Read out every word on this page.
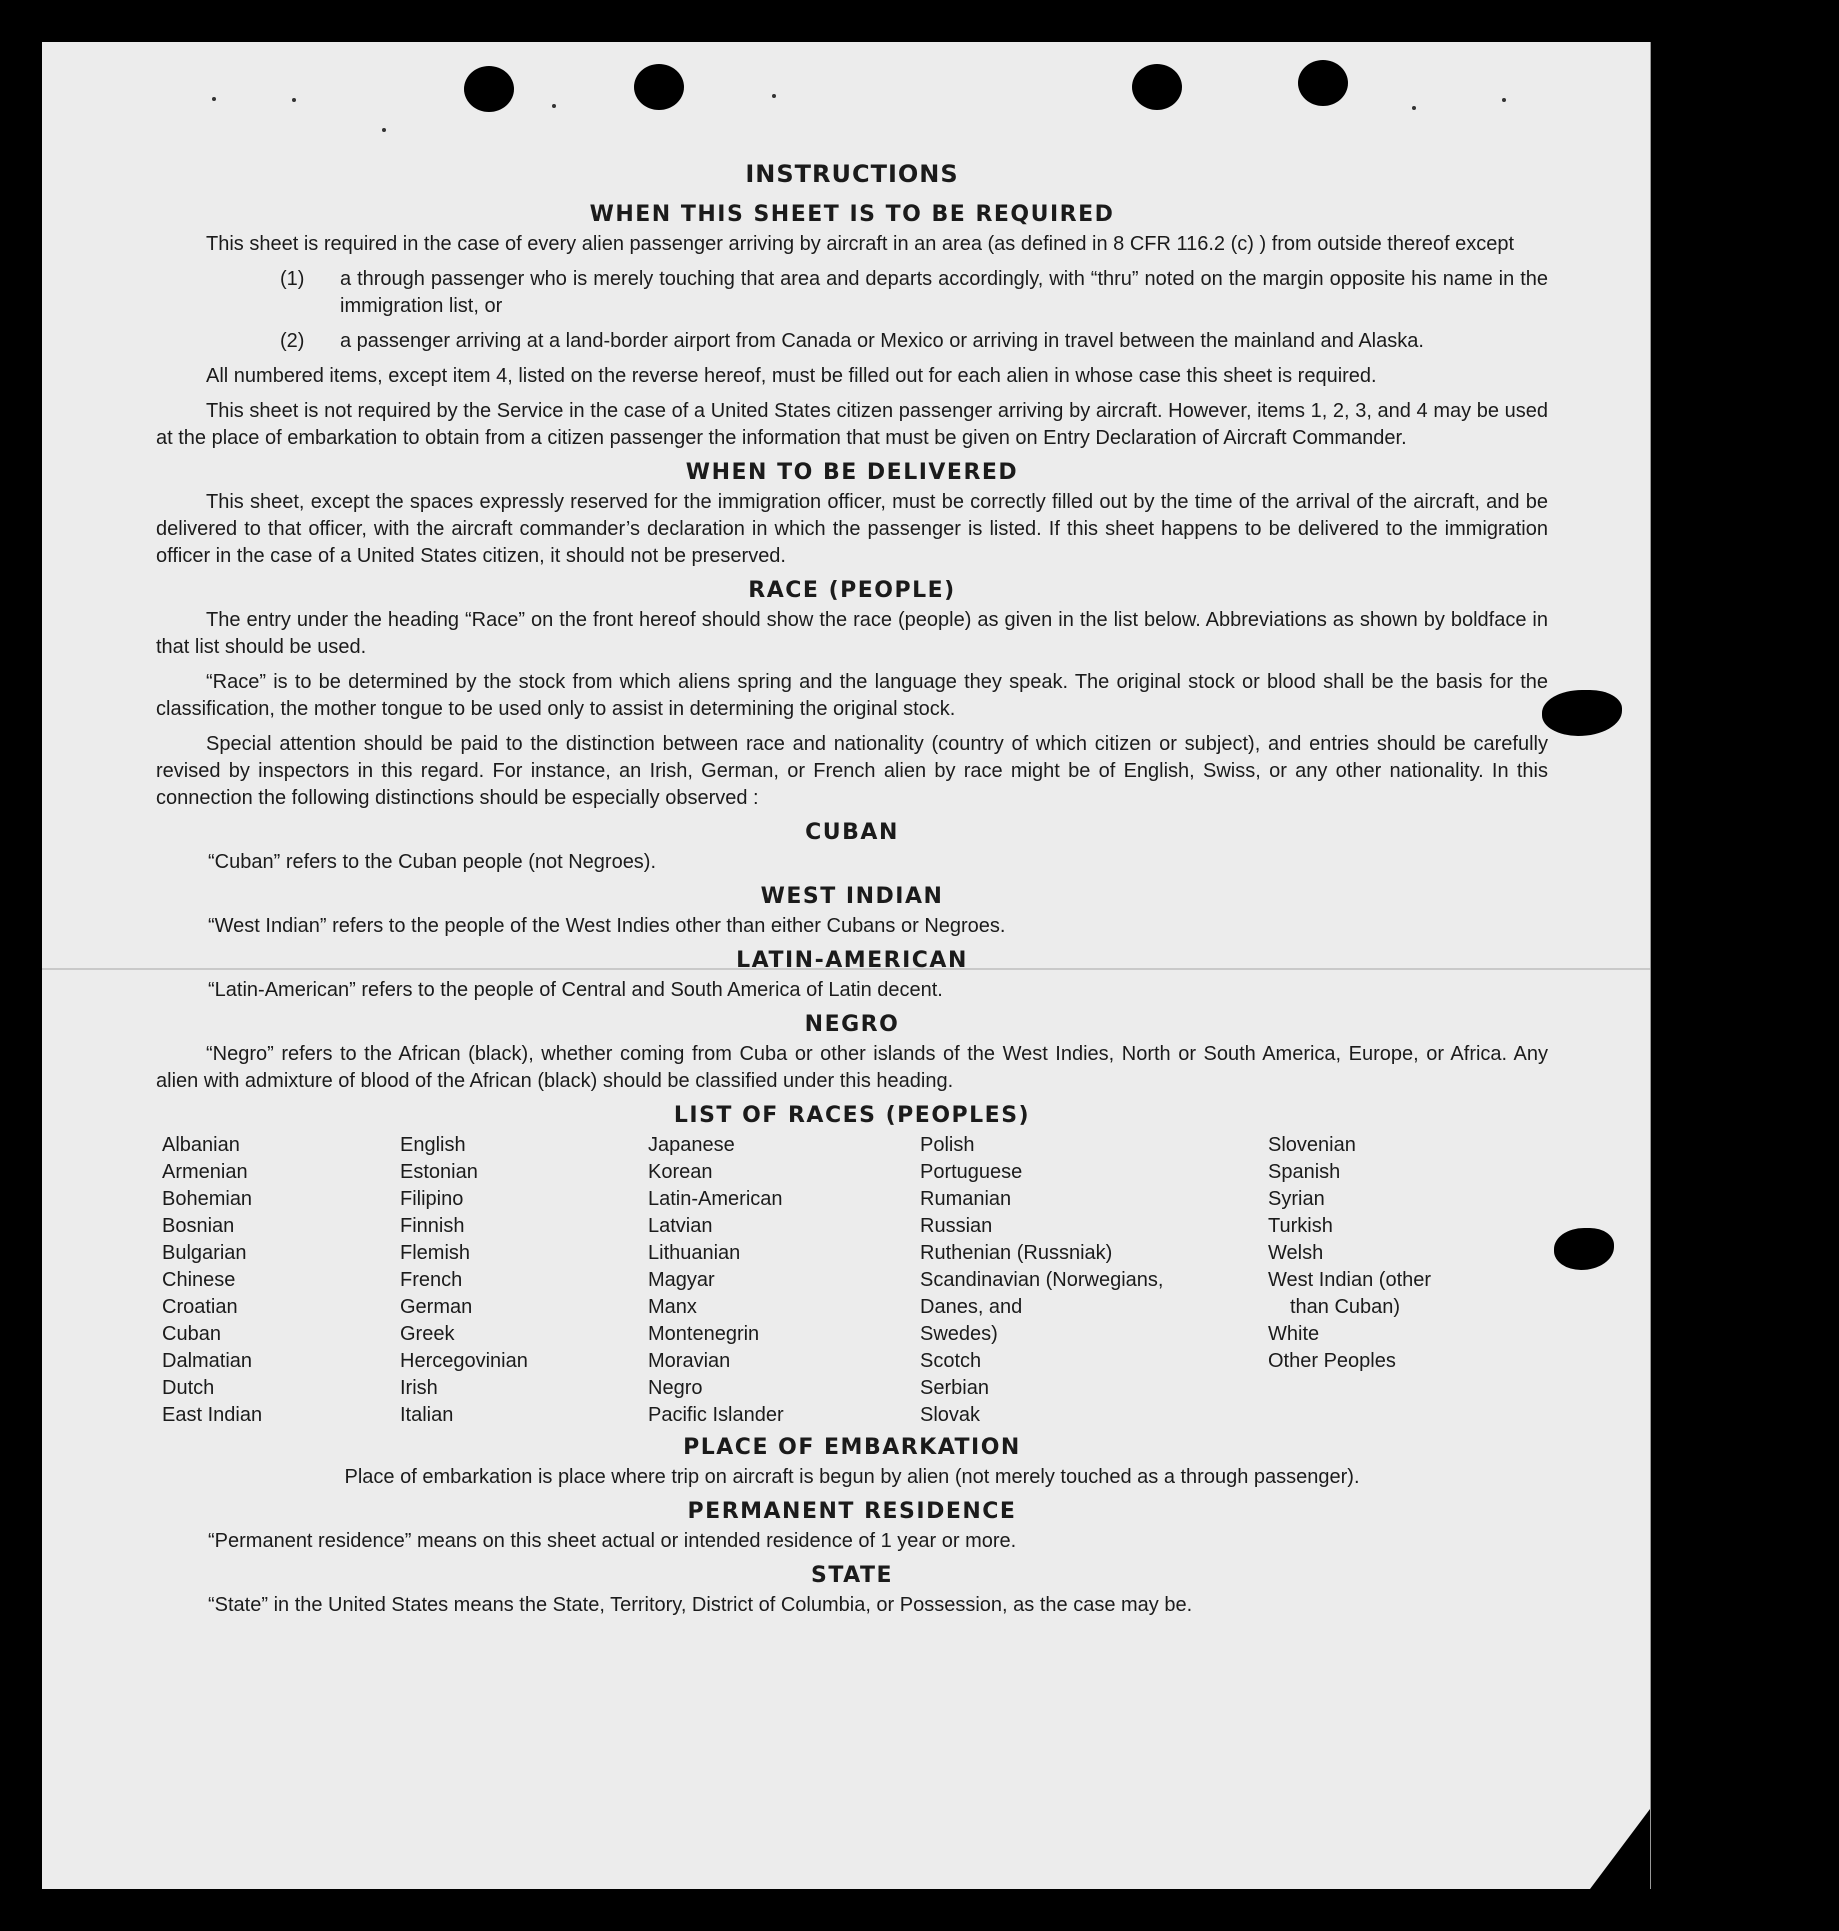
INSTRUCTIONS
WHEN THIS SHEET IS TO BE REQUIRED

This sheet is required in the case of every alien passenger arriving by aircraft in an area (as defined in 8 CFR 116.2 (c) ) from outside thereof except

(1)	a through passenger who is merely touching that area and departs accordingly, with “thru” noted on the margin opposite his name in the immigration list, or
(2)	a passenger arriving at a land-border airport from Canada or Mexico or arriving in travel between the mainland and Alaska.

All numbered items, except item 4, listed on the reverse hereof, must be filled out for each alien in whose case this sheet is required.

This sheet is not required by the Service in the case of a United States citizen passenger arriving by aircraft. However, items 1, 2, 3, and 4 may be used at the place of embarkation to obtain from a citizen passenger the information that must be given on Entry Declaration of Aircraft Commander.

WHEN TO BE DELIVERED

This sheet, except the spaces expressly reserved for the immigration officer, must be correctly filled out by the time of the arrival of the aircraft, and be delivered to that officer, with the aircraft commander’s declaration in which the passenger is listed. If this sheet happens to be delivered to the immigration officer in the case of a United States citizen, it should not be preserved.

RACE (PEOPLE)

The entry under the heading “Race” on the front hereof should show the race (people) as given in the list below. Abbreviations as shown by boldface in that list should be used.

“Race” is to be determined by the stock from which aliens spring and the language they speak. The original stock or blood shall be the basis for the classification, the mother tongue to be used only to assist in determining the original stock.

Special attention should be paid to the distinction between race and nationality (country of which citizen or subject), and entries should be carefully revised by inspectors in this regard. For instance, an Irish, German, or French alien by race might be of English, Swiss, or any other nationality. In this connection the following distinctions should be especially observed :

CUBAN

“Cuban” refers to the Cuban people (not Negroes).

WEST INDIAN

“West Indian” refers to the people of the West Indies other than either Cubans or Negroes.

LATIN-AMERICAN

“Latin-American” refers to the people of Central and South America of Latin decent.

NEGRO

“Negro” refers to the African (black), whether coming from Cuba or other islands of the West Indies, North or South America, Europe, or Africa. Any alien with admixture of blood of the African (black) should be classified under this heading.

LIST OF RACES (PEOPLES)
Albanian
Armenian
Bohemian
Bosnian
Bulgarian
Chinese
Croatian
Cuban
Dalmatian
Dutch
East Indian
English
Estonian
Filipino
Finnish
Flemish
French
German
Greek
Hercegovinian
Irish
Italian
Japanese
Korean
Latin-American
Latvian
Lithuanian
Magyar
Manx
Montenegrin
Moravian
Negro
Pacific Islander
Polish
Portuguese
Rumanian
Russian
Ruthenian (Russniak)
Scandinavian (Norwegians,
Danes, and
Swedes)
Scotch
Serbian
Slovak
Slovenian
Spanish
Syrian
Turkish
Welsh
West Indian (other
than Cuban)
White
Other Peoples
PLACE OF EMBARKATION

Place of embarkation is place where trip on aircraft is begun by alien (not merely touched as a through passenger).

PERMANENT RESIDENCE

“Permanent residence” means on this sheet actual or intended residence of 1 year or more.

STATE

“State” in the United States means the State, Territory, District of Columbia, or Possession, as the case may be.
